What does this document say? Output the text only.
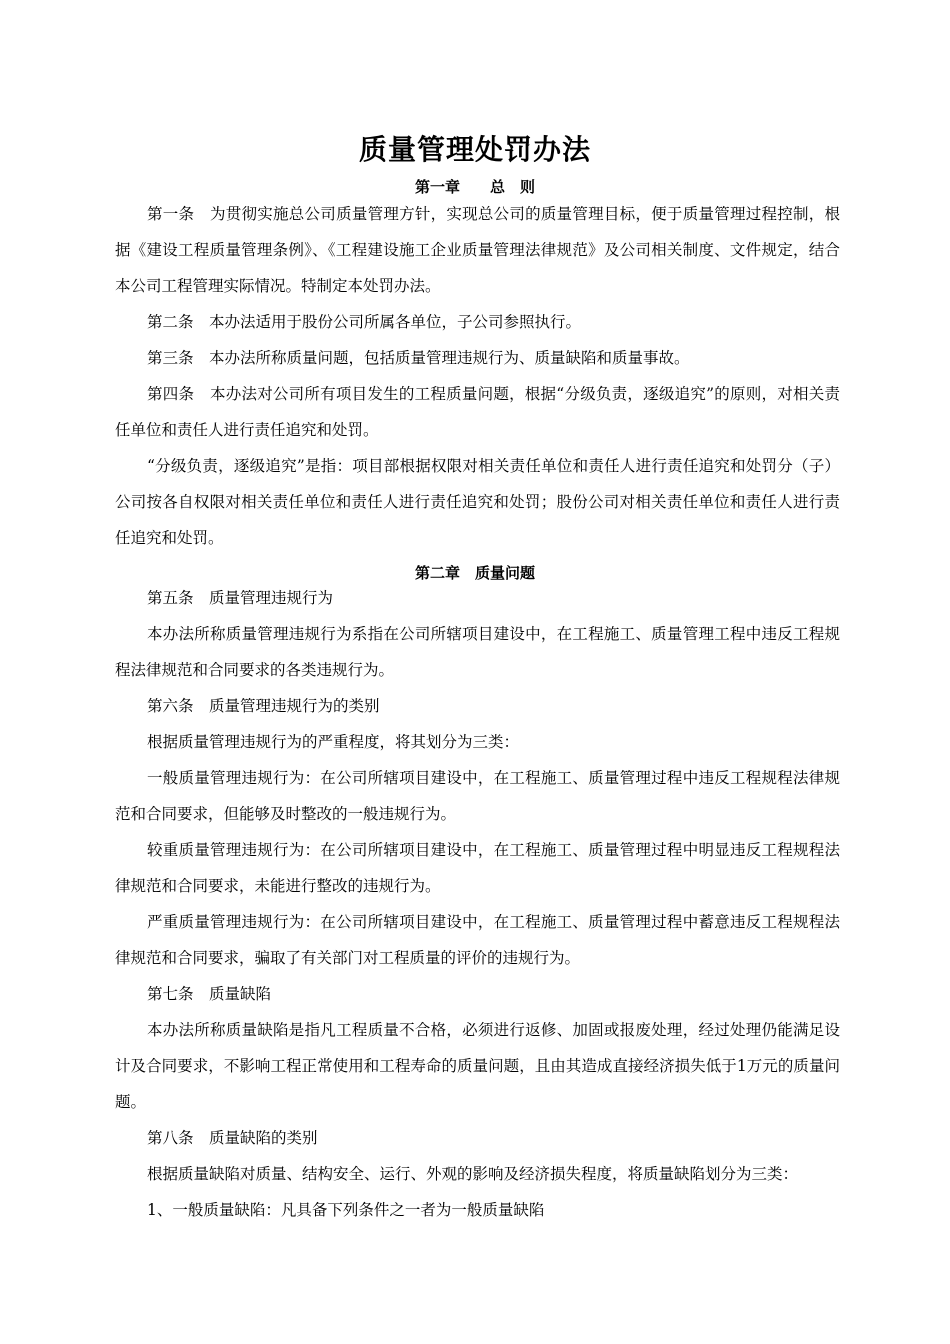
质量管理处罚办法
第一章　　总　则

第一条　为贯彻实施总公司质量管理方针，实现总公司的质量管理目标，便于质量管理过程控制，根据《建设工程质量管理条例》、《工程建设施工企业质量管理法律规范》及公司相关制度、文件规定，结合本公司工程管理实际情况。特制定本处罚办法。

第二条　本办法适用于股份公司所属各单位，子公司参照执行。

第三条　本办法所称质量问题，包括质量管理违规行为、质量缺陷和质量事故。

第四条　本办法对公司所有项目发生的工程质量问题，根据“分级负责，逐级追究”的原则，对相关责任单位和责任人进行责任追究和处罚。

“分级负责，逐级追究”是指：项目部根据权限对相关责任单位和责任人进行责任追究和处罚分（子）公司按各自权限对相关责任单位和责任人进行责任追究和处罚；股份公司对相关责任单位和责任人进行责任追究和处罚。

第二章　质量问题

第五条　质量管理违规行为

本办法所称质量管理违规行为系指在公司所辖项目建设中，在工程施工、质量管理工程中违反工程规程法律规范和合同要求的各类违规行为。

第六条　质量管理违规行为的类别

根据质量管理违规行为的严重程度，将其划分为三类：

一般质量管理违规行为：在公司所辖项目建设中，在工程施工、质量管理过程中违反工程规程法律规范和合同要求，但能够及时整改的一般违规行为。

较重质量管理违规行为：在公司所辖项目建设中，在工程施工、质量管理过程中明显违反工程规程法律规范和合同要求，未能进行整改的违规行为。

严重质量管理违规行为：在公司所辖项目建设中，在工程施工、质量管理过程中蓄意违反工程规程法律规范和合同要求，骗取了有关部门对工程质量的评价的违规行为。

第七条　质量缺陷

本办法所称质量缺陷是指凡工程质量不合格，必须进行返修、加固或报废处理，经过处理仍能满足设计及合同要求，不影响工程正常使用和工程寿命的质量问题，且由其造成直接经济损失低于1万元的质量问题。

第八条　质量缺陷的类别

根据质量缺陷对质量、结构安全、运行、外观的影响及经济损失程度，将质量缺陷划分为三类：

1、一般质量缺陷：凡具备下列条件之一者为一般质量缺陷
